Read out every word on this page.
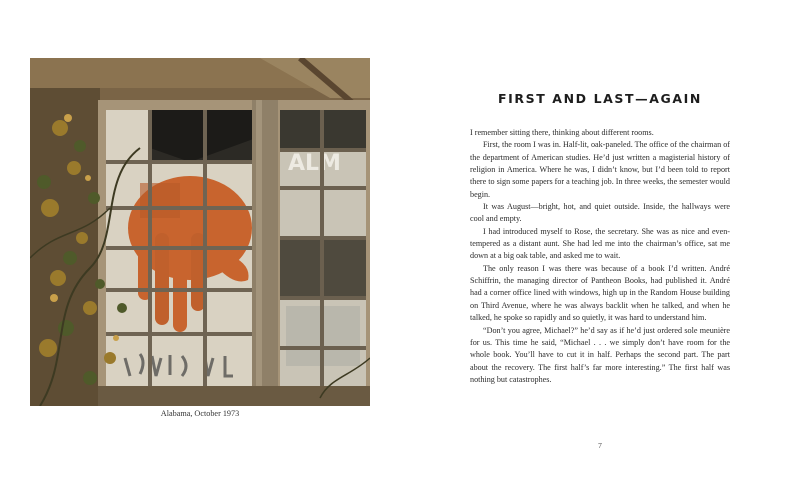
ALM
Alabama, October 1973
FIRST AND LAST—AGAIN

I remember sitting there, thinking about different rooms.

First, the room I was in. Half-lit, oak-paneled. The office of the chairman of the department of American studies. He’d just written a magisterial history of religion in America. Where he was, I didn’t know, but I’d been told to report there to sign some papers for a teaching job. In three weeks, the semester would begin.

It was August—bright, hot, and quiet outside. Inside, the hallways were cool and empty.

I had introduced myself to Rose, the secretary. She was as nice and even-tempered as a distant aunt. She had led me into the chairman’s office, sat me down at a big oak table, and asked me to wait.

The only reason I was there was because of a book I’d written. André Schiffrin, the managing director of Pantheon Books, had published it. André had a corner office lined with windows, high up in the Random House building on Third Avenue, where he was always backlit when he talked, and when he talked, he spoke so rapidly and so quietly, it was hard to understand him.

“Don’t you agree, Michael?” he’d say as if he’d just ordered sole meunière for us. This time he said, “Michael . . . we simply don’t have room for the whole book. You’ll have to cut it in half. Perhaps the second part. The part about the recovery. The first half’s far more interesting.” The first half was nothing but catastrophes.

7
